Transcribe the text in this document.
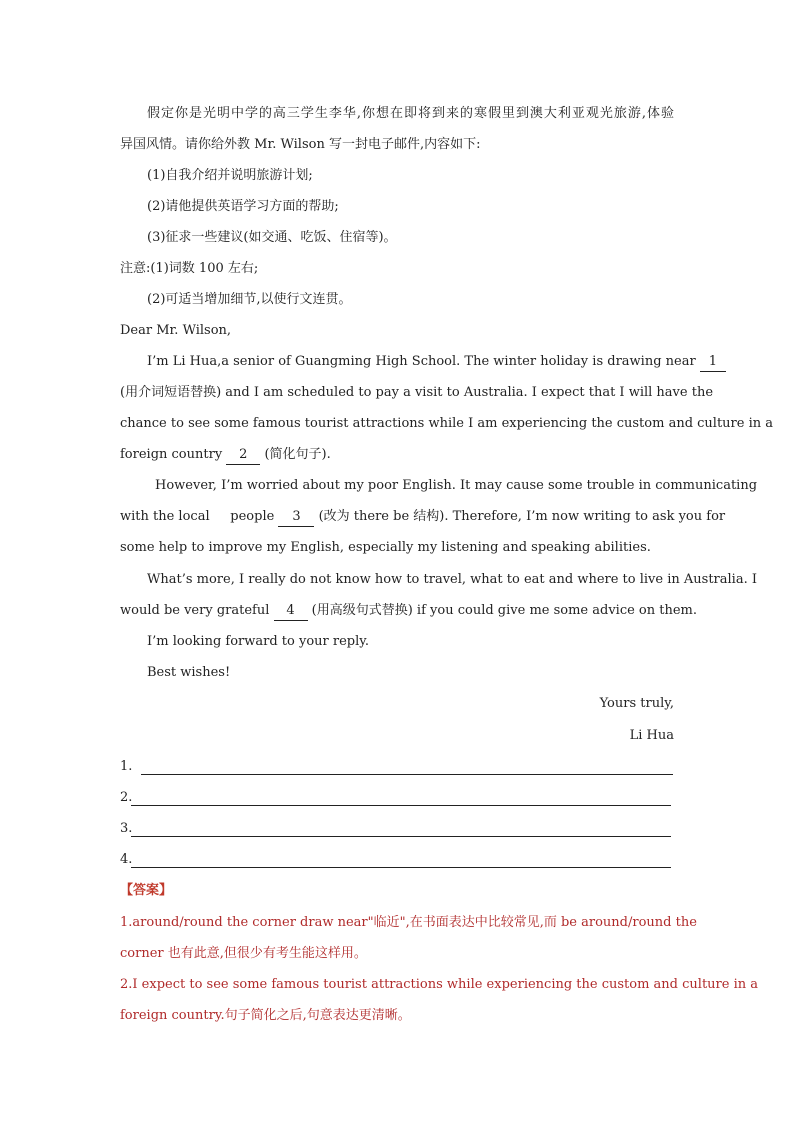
假定你是光明中学的高三学生李华,你想在即将到来的寒假里到澳大利亚观光旅游,体验
异国风情。请你给外教 Mr. Wilson 写一封电子邮件,内容如下:
(1)自我介绍并说明旅游计划;
(2)请他提供英语学习方面的帮助;
(3)征求一些建议(如交通、吃饭、住宿等)。
注意:(1)词数 100 左右;
(2)可适当增加细节,以使行文连贯。
Dear Mr. Wilson,
I’m Li Hua,a senior of Guangming High School. The winter holiday is drawing near 1
(用介词短语替换) and I am scheduled to pay a visit to Australia. I expect that I will have the
chance to see some famous tourist attractions while I am experiencing the custom and culture in a
foreign country 2 (简化句子).
However, I’m worried about my poor English. It may cause some trouble in communicating
with the local people 3 (改为 there be 结构). Therefore, I’m now writing to ask you for
some help to improve my English, especially my listening and speaking abilities.
What’s more, I really do not know how to travel, what to eat and where to live in Australia. I
would be very grateful 4 (用高级句式替换) if you could give me some advice on them.
I’m looking forward to your reply.
Best wishes!
Yours truly,
Li Hua
1.
2.
3.
4.
【答案】
1.around/round the corner draw near"临近",在书面表达中比较常见,而 be around/round the
corner 也有此意,但很少有考生能这样用。
2.I expect to see some famous tourist attractions while experiencing the custom and culture in a
foreign country.句子简化之后,句意表达更清晰。
